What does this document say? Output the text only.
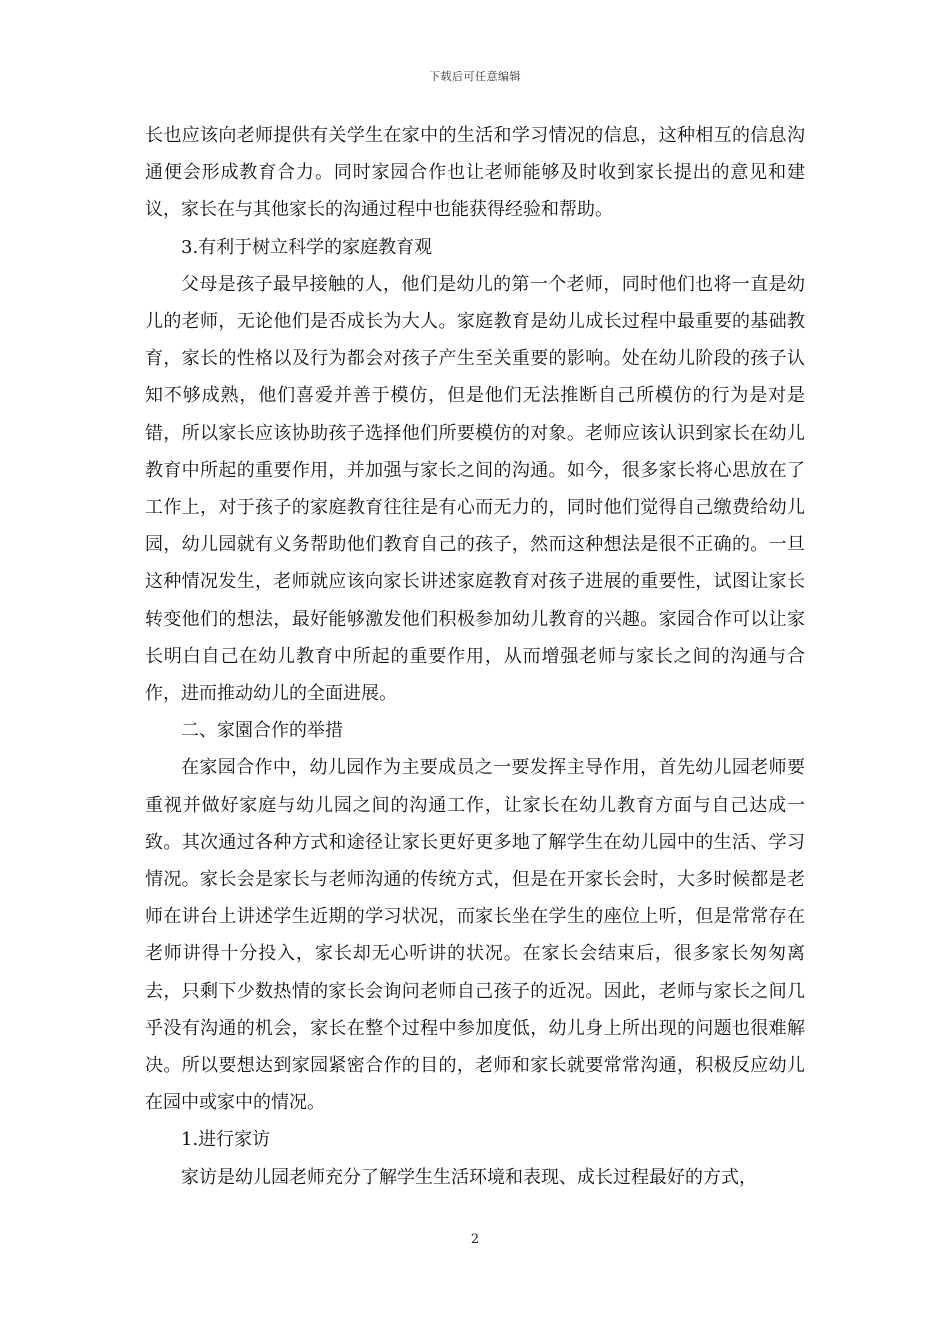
下载后可任意编辑

长也应该向老师提供有关学生在家中的生活和学习情况的信息，这种相互的信息沟通便会形成教育合力。同时家园合作也让老师能够及时收到家长提出的意见和建议，家长在与其他家长的沟通过程中也能获得经验和帮助。

3.有利于树立科学的家庭教育观

父母是孩子最早接触的人，他们是幼儿的第一个老师，同时他们也将一直是幼儿的老师，无论他们是否成长为大人。家庭教育是幼儿成长过程中最重要的基础教育，家长的性格以及行为都会对孩子产生至关重要的影响。处在幼儿阶段的孩子认知不够成熟，他们喜爱并善于模仿，但是他们无法推断自己所模仿的行为是对是错，所以家长应该协助孩子选择他们所要模仿的对象。老师应该认识到家长在幼儿教育中所起的重要作用，并加强与家长之间的沟通。如今，很多家长将心思放在了工作上，对于孩子的家庭教育往往是有心而无力的，同时他们觉得自己缴费给幼儿园，幼儿园就有义务帮助他们教育自己的孩子，然而这种想法是很不正确的。一旦这种情况发生，老师就应该向家长讲述家庭教育对孩子进展的重要性，试图让家长转变他们的想法，最好能够激发他们积极参加幼儿教育的兴趣。家园合作可以让家长明白自己在幼儿教育中所起的重要作用，从而增强老师与家长之间的沟通与合作，进而推动幼儿的全面进展。

二、家園合作的举措

在家园合作中，幼儿园作为主要成员之一要发挥主导作用，首先幼儿园老师要重视并做好家庭与幼儿园之间的沟通工作，让家长在幼儿教育方面与自己达成一致。其次通过各种方式和途径让家长更好更多地了解学生在幼儿园中的生活、学习情况。家长会是家长与老师沟通的传统方式，但是在开家长会时，大多时候都是老师在讲台上讲述学生近期的学习状况，而家长坐在学生的座位上听，但是常常存在老师讲得十分投入，家长却无心听讲的状况。在家长会结束后，很多家长匆匆离去，只剩下少数热情的家长会询问老师自己孩子的近况。因此，老师与家长之间几乎没有沟通的机会，家长在整个过程中参加度低，幼儿身上所出现的问题也很难解决。所以要想达到家园紧密合作的目的，老师和家长就要常常沟通，积极反应幼儿在园中或家中的情况。

1.进行家访

家访是幼儿园老师充分了解学生生活环境和表现、成长过程最好的方式，

2
